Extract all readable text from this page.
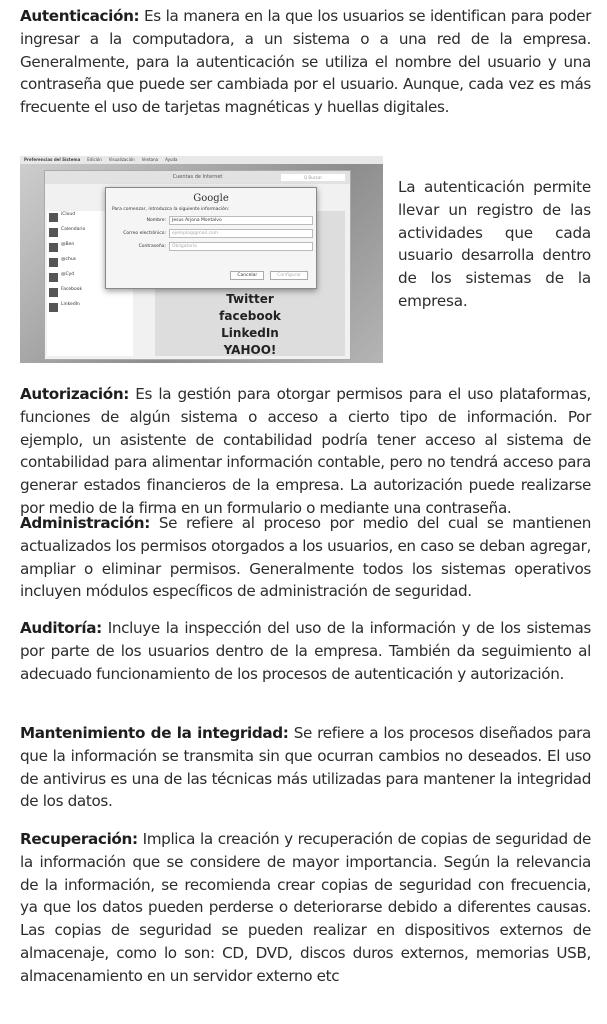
Autenticación: Es la manera en la que los usuarios se identifican para poder ingresar a la computadora, a un sistema o a una red de la empresa. Generalmente, para la autenticación se utiliza el nombre del usuario y una contraseña que puede ser cambiada por el usuario. Aunque, cada vez es más frecuente el uso de tarjetas magnéticas y huellas digitales.

Preferencias del Sistema Edición Visualización Ventana Ayuda
Cuentas de Internet	Q Buscar
iCloud
Calendario
@Ben
@chus
@Cyd
Facebook
LinkedIn	Twitter
facebook
LinkedIn
YAHOO!
Google
Para comenzar, introduzca la siguiente información:
Nombre:	Jesus Arjona Montalvo
Correo electrónico:	ejemplo@gmail.com
Contraseña:	Obligatorio
Cancelar	Configurar

La autenticación permite llevar un registro de las actividades que cada usuario desarrolla dentro de los sistemas de la empresa.

Autorización: Es la gestión para otorgar permisos para el uso plataformas, funciones de algún sistema o acceso a cierto tipo de información. Por ejemplo, un asistente de contabilidad podría tener acceso al sistema de contabilidad para alimentar información contable, pero no tendrá acceso para generar estados financieros de la empresa. La autorización puede realizarse por medio de la firma en un formulario o mediante una contraseña.

Administración: Se refiere al proceso por medio del cual se mantienen actualizados los permisos otorgados a los usuarios, en caso se deban agregar, ampliar o eliminar permisos. Generalmente todos los sistemas operativos incluyen módulos específicos de administración de seguridad.

Auditoría: Incluye la inspección del uso de la información y de los sistemas por parte de los usuarios dentro de la empresa. También da seguimiento al adecuado funcionamiento de los procesos de autenticación y autorización.

Mantenimiento de la integridad: Se refiere a los procesos diseñados para que la información se transmita sin que ocurran cambios no deseados. El uso de antivirus es una de las técnicas más utilizadas para mantener la integridad de los datos.

Recuperación: Implica la creación y recuperación de copias de seguridad de la información que se considere de mayor importancia. Según la relevancia de la información, se recomienda crear copias de seguridad con frecuencia, ya que los datos pueden perderse o deteriorarse debido a diferentes causas. Las copias de seguridad se pueden realizar en dispositivos externos de almacenaje, como lo son: CD, DVD, discos duros externos, memorias USB, almacenamiento en un servidor externo etc
